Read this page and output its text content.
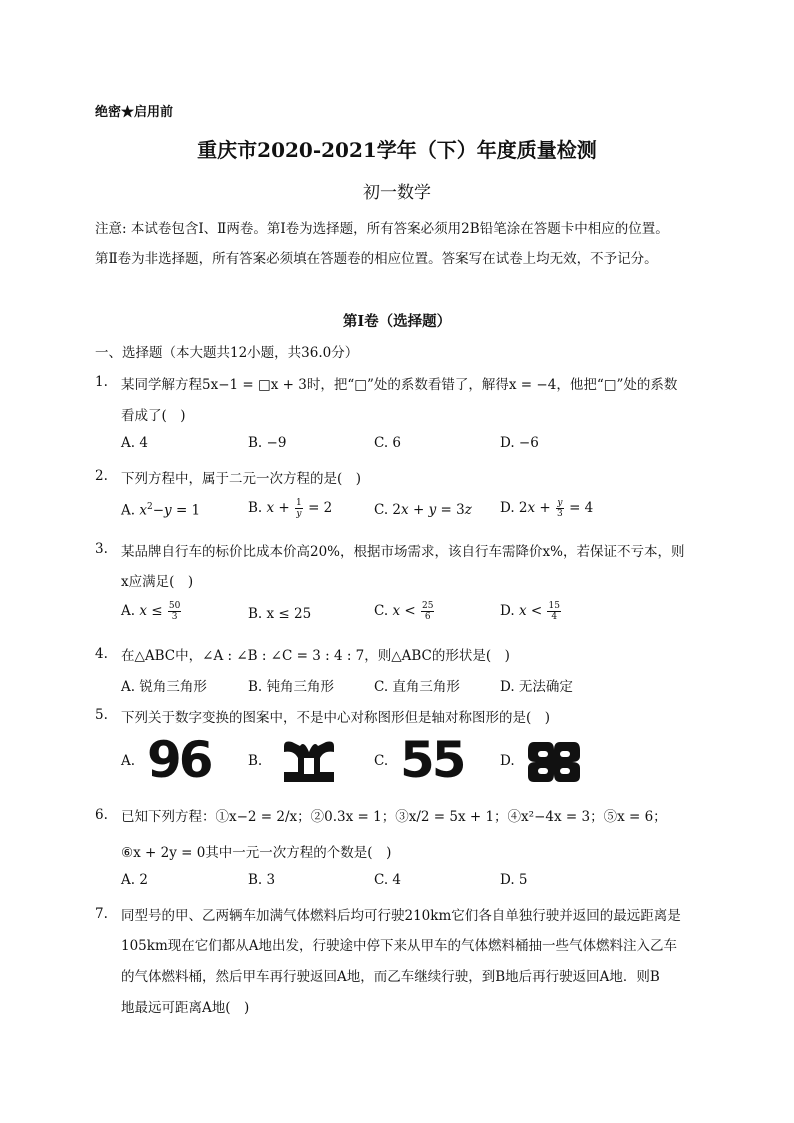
绝密★启用前
重庆市2020-2021学年（下）年度质量检测
初一数学
注意: 本试卷包含Ⅰ、Ⅱ两卷。第Ⅰ卷为选择题，所有答案必须用2B铅笔涂在答题卡中相应的位置。
第Ⅱ卷为非选择题，所有答案必须填在答题卷的相应位置。答案写在试卷上均无效，不予记分。
第Ⅰ卷（选择题）
一、选择题（本大题共12小题，共36.0分）
1. 某同学解方程5x−1 = □x + 3时，把“□”处的系数看错了，解得x = −4，他把“□”处的系数
看成了(　)
A. 4	B. −9	C. 6	D. −6
2. 下列方程中，属于二元一次方程的是(　)
A. $x^2-y = 1$	B. $x + \frac{1}{y} = 2$	C. 2x + y = 3z D. $2x + \frac{y}{3} = 4$
3. 某品牌自行车的标价比成本价高20%，根据市场需求，该自行车需降价x%，若保证不亏本，则
x应满足(　)
A. $x \le \frac{50}{3}$	B. x ≤ 25	C. $x < \frac{25}{6}$	D. $x < \frac{15}{4}$
4. 在△ABC中，∠A : ∠B : ∠C = 3 : 4 : 7，则△ABC的形状是(　)
A. 锐角三角形	B. 钝角三角形	C. 直角三角形	D. 无法确定
5. 下列关于数字变换的图案中，不是中心对称图形但是轴对称图形的是(　)
A. 96	B.	C. 55	D.
6. 已知下列方程：①x−2 = 2/x；②0.3x = 1；③x/2 = 5x + 1；④x²−4x = 3；⑤x = 6；
⑥x + 2y = 0其中一元一次方程的个数是(　)
A. 2	B. 3	C. 4	D. 5
7. 同型号的甲、乙两辆车加满气体燃料后均可行驶210km它们各自单独行驶并返回的最远距离是
105km现在它们都从A地出发，行驶途中停下来从甲车的气体燃料桶抽一些气体燃料注入乙车
的气体燃料桶，然后甲车再行驶返回A地，而乙车继续行驶，到B地后再行驶返回A地．则B
地最远可距离A地(　)
